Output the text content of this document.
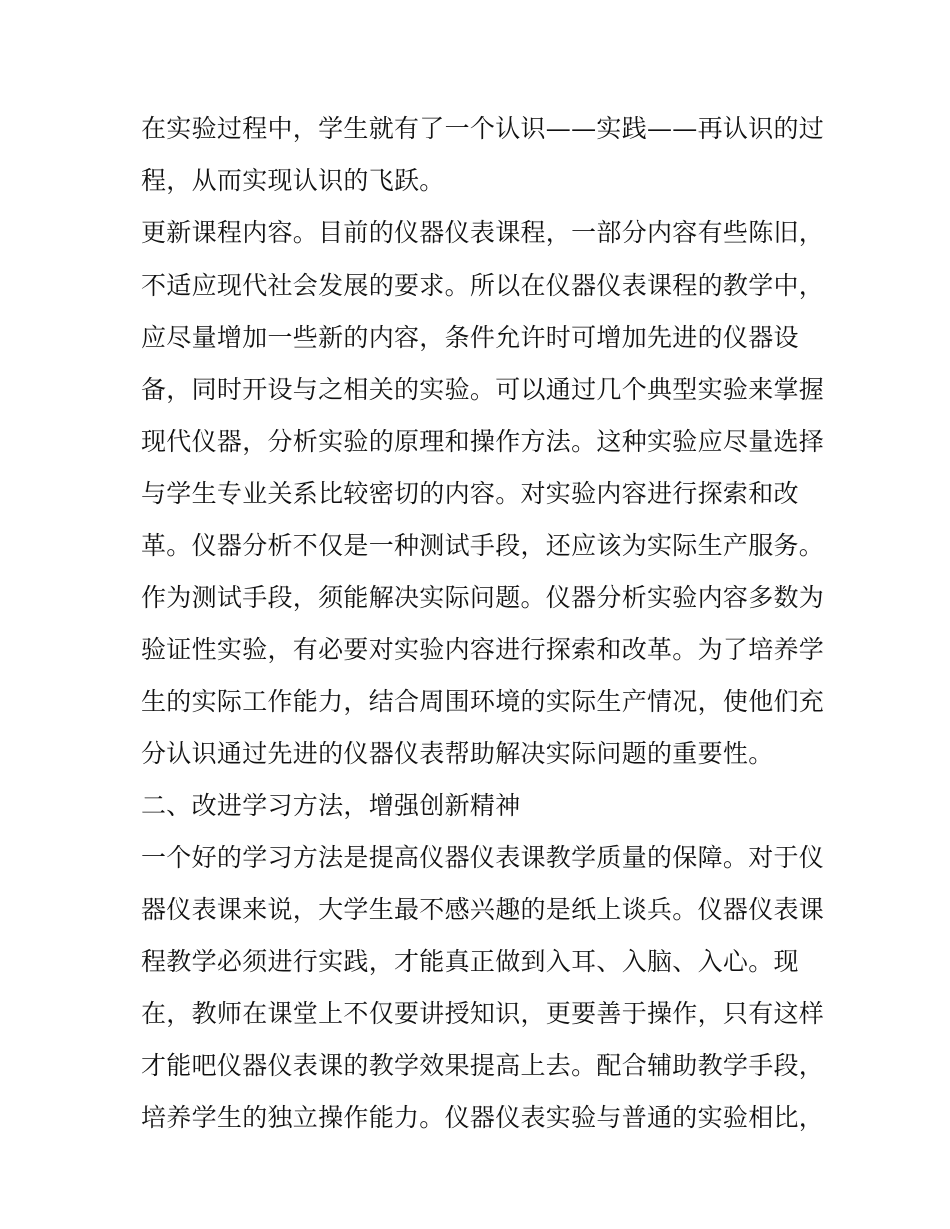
在实验过程中，学生就有了一个认识——实践——再认识的过
程，从而实现认识的飞跃。
更新课程内容。目前的仪器仪表课程，一部分内容有些陈旧，
不适应现代社会发展的要求。所以在仪器仪表课程的教学中，
应尽量增加一些新的内容，条件允许时可增加先进的仪器设
备，同时开设与之相关的实验。可以通过几个典型实验来掌握
现代仪器，分析实验的原理和操作方法。这种实验应尽量选择
与学生专业关系比较密切的内容。对实验内容进行探索和改
革。仪器分析不仅是一种测试手段，还应该为实际生产服务。
作为测试手段，须能解决实际问题。仪器分析实验内容多数为
验证性实验，有必要对实验内容进行探索和改革。为了培养学
生的实际工作能力，结合周围环境的实际生产情况，使他们充
分认识通过先进的仪器仪表帮助解决实际问题的重要性。
二、改进学习方法，增强创新精神
一个好的学习方法是提高仪器仪表课教学质量的保障。对于仪
器仪表课来说，大学生最不感兴趣的是纸上谈兵。仪器仪表课
程教学必须进行实践，才能真正做到入耳、入脑、入心。现
在，教师在课堂上不仅要讲授知识，更要善于操作，只有这样
才能吧仪器仪表课的教学效果提高上去。配合辅助教学手段，
培养学生的独立操作能力。仪器仪表实验与普通的实验相比，
